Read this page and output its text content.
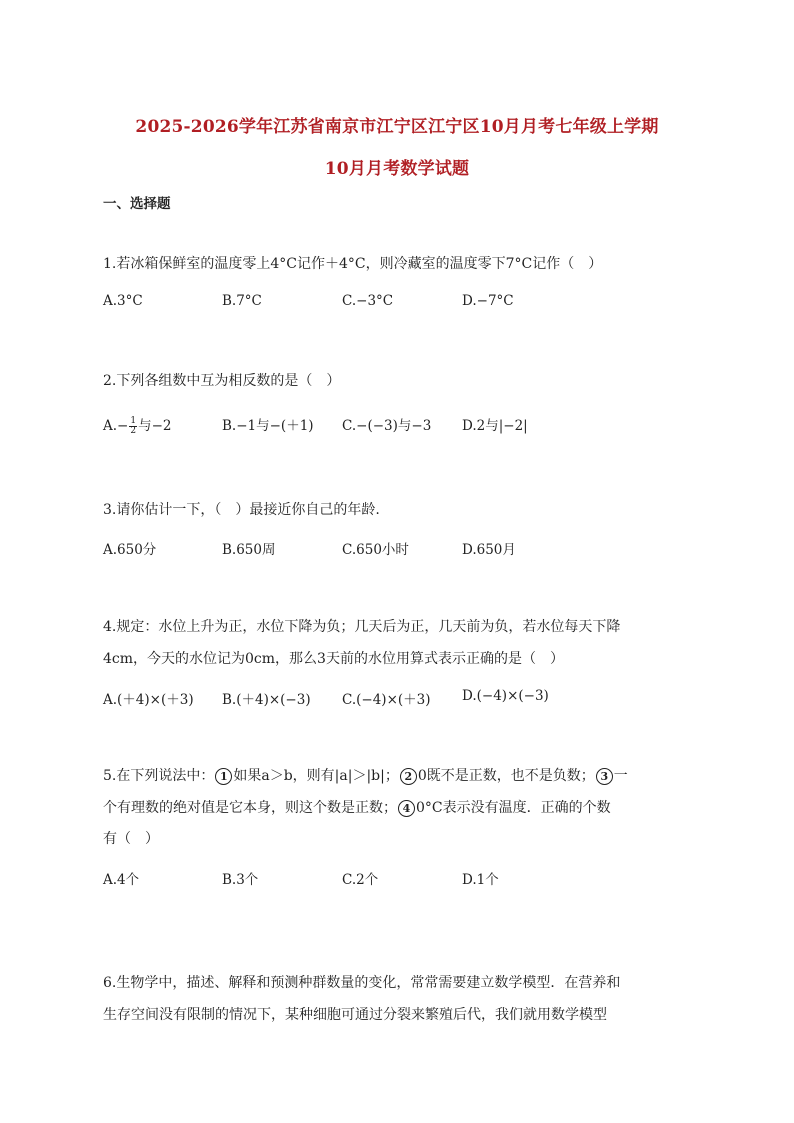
2025-2026学年江苏省南京市江宁区江宁区10月月考七年级上学期
10月月考数学试题
一、选择题
1.若冰箱保鲜室的温度零上4°C记作＋4°C，则冷藏室的温度零下7°C记作（　）
A.3°C	B.7°C	C.−3°C	D.−7°C
2.下列各组数中互为相反数的是（　）
$A.- \frac{1}{2}$ 与−2	B.−1与−(＋1) C.−(−3)与−3 D.2与|−2|
3.请你估计一下，（　）最接近你自己的年龄.
A.650分	B.650周	C.650小时	D.650月
4.规定：水位上升为正，水位下降为负；几天后为正，几天前为负，若水位每天下降
4cm，今天的水位记为0cm，那么3天前的水位用算式表示正确的是（　）
A.(＋4)×(＋3) B.(＋4)×(−3) C.(−4)×(＋3) D.(−4)×(−3)
5.在下列说法中： 1 如果a＞b，则有|a|＞|b|； 2 0既不是正数，也不是负数； 3 一
个有理数的绝对值是它本身，则这个数是正数； 4 0°C表示没有温度．正确的个数
有（　）
A.4个	B.3个	C.2个	D.1个
6.生物学中，描述、解释和预测种群数量的变化，常常需要建立数学模型．在营养和
生存空间没有限制的情况下，某种细胞可通过分裂来繁殖后代，我们就用数学模型
